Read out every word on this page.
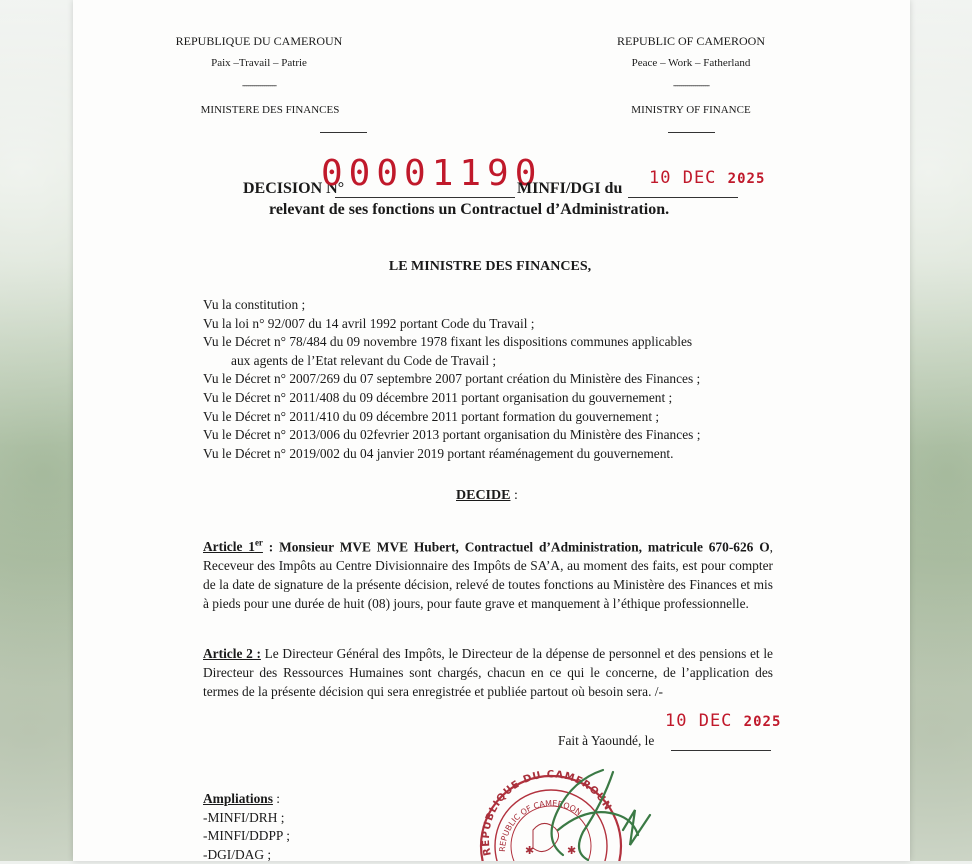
REPUBLIQUE DU CAMEROUN
Paix –Travail – Patrie
-----------------
MINISTERE DES FINANCES
REPUBLIC OF CAMEROON
Peace – Work – Fatherland
------------------
MINISTRY OF FINANCE
DECISION N°
00001190
MINFI/DGI du
10 DEC 2025
relevant de ses fonctions un Contractuel d’Administration.
LE MINISTRE DES FINANCES,
Vu la constitution ;
Vu la loi n° 92/007 du 14 avril 1992 portant Code du Travail ;
Vu le Décret n° 78/484 du 09 novembre 1978 fixant les dispositions communes applicables
aux agents de l’Etat relevant du Code de Travail ;
Vu le Décret n° 2007/269 du 07 septembre 2007 portant création du Ministère des Finances ;
Vu le Décret n° 2011/408 du 09 décembre 2011 portant organisation du gouvernement ;
Vu le Décret n° 2011/410 du 09 décembre 2011 portant formation du gouvernement ;
Vu le Décret n° 2013/006 du 02fevrier 2013 portant organisation du Ministère des Finances ;
Vu le Décret n° 2019/002 du 04 janvier 2019 portant réaménagement du gouvernement.
DECIDE :
Article 1er : Monsieur MVE MVE Hubert, Contractuel d’Administration, matricule 670-626 O, Receveur des Impôts au Centre Divisionnaire des Impôts de SA’A, au moment des faits, est pour compter de la date de signature de la présente décision, relevé de toutes fonctions au Ministère des Finances et mis à pieds pour une durée de huit (08) jours, pour faute grave et manquement à l’éthique professionnelle.
Article 2 : Le Directeur Général des Impôts, le Directeur de la dépense de personnel et des pensions et le Directeur des Ressources Humaines sont chargés, chacun en ce qui le concerne, de l’application des termes de la présente décision qui sera enregistrée et publiée partout où besoin sera. /-
10 DEC 2025
Fait à Yaoundé, le
Ampliations :
-MINFI/DRH ;
-MINFI/DDPP ;
-DGI/DAG ;	REPUBLIQUE DU CAMEROUN
REPUBLIC OF CAMEROON
✱	✱
